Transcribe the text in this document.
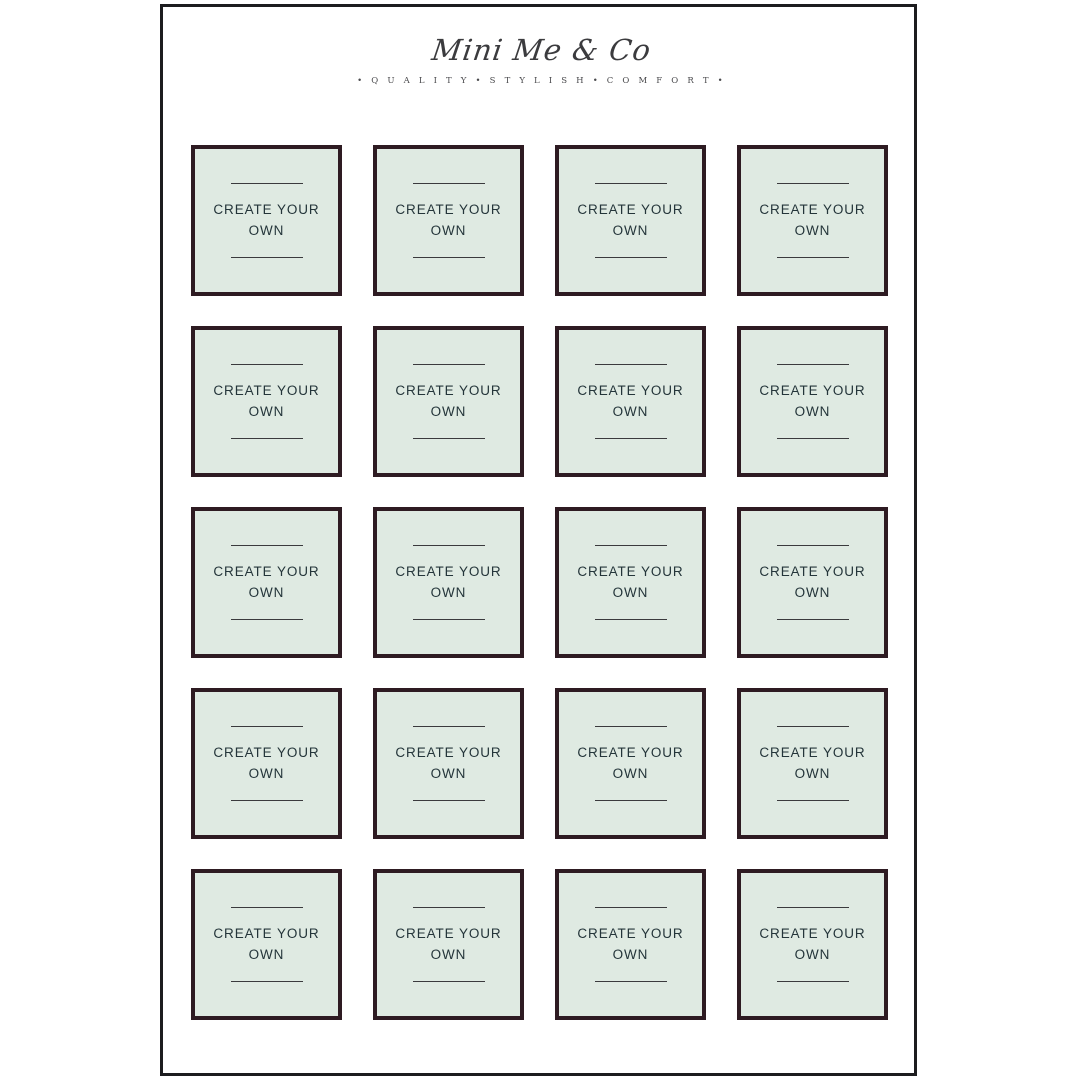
Mini Me & Co
• Q U A L I T Y • S T Y L I S H • C O M F O R T •
CREATE YOUR OWN
CREATE YOUR OWN
CREATE YOUR OWN
CREATE YOUR OWN
CREATE YOUR OWN
CREATE YOUR OWN
CREATE YOUR OWN
CREATE YOUR OWN
CREATE YOUR OWN
CREATE YOUR OWN
CREATE YOUR OWN
CREATE YOUR OWN
CREATE YOUR OWN
CREATE YOUR OWN
CREATE YOUR OWN
CREATE YOUR OWN
CREATE YOUR OWN
CREATE YOUR OWN
CREATE YOUR OWN
CREATE YOUR OWN
